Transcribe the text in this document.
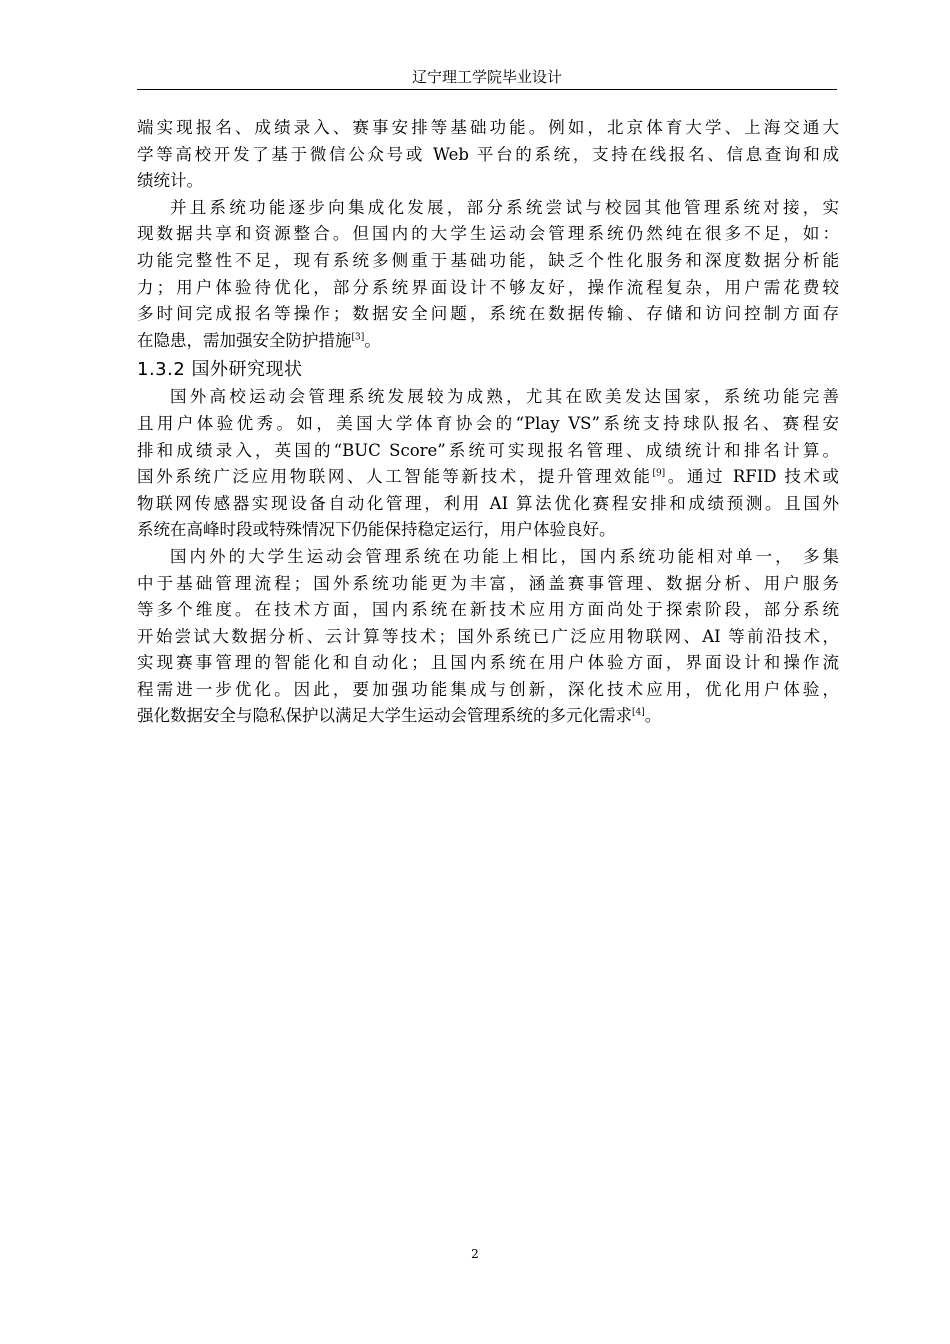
辽宁理工学院毕业设计

端实现报名、成绩录入、赛事安排等基础功能。例如，北京体育大学、上海交通大
学等高校开发了基于微信公众号或 Web 平台的系统，支持在线报名、信息查询和成
绩统计。

并且系统功能逐步向集成化发展，部分系统尝试与校园其他管理系统对接，实
现数据共享和资源整合。但国内的大学生运动会管理系统仍然纯在很多不足，如：
功能完整性不足，现有系统多侧重于基础功能，缺乏个性化服务和深度数据分析能
力；用户体验待优化，部分系统界面设计不够友好，操作流程复杂，用户需花费较
多时间完成报名等操作；数据安全问题，系统在数据传输、存储和访问控制方面存
在隐患，需加强安全防护措施[3]。

1.3.2 国外研究现状

国外高校运动会管理系统发展较为成熟，尤其在欧美发达国家，系统功能完善
且用户体验优秀。如，美国大学体育协会的“Play VS”系统支持球队报名、赛程安
排和成绩录入，英国的“BUC Score”系统可实现报名管理、成绩统计和排名计算。
国外系统广泛应用物联网、人工智能等新技术，提升管理效能[9]。通过 RFID 技术或
物联网传感器实现设备自动化管理，利用 AI 算法优化赛程安排和成绩预测。且国外
系统在高峰时段或特殊情况下仍能保持稳定运行，用户体验良好。

国内外的大学生运动会管理系统在功能上相比，国内系统功能相对单一， 多集
中于基础管理流程；国外系统功能更为丰富，涵盖赛事管理、数据分析、用户服务
等多个维度。在技术方面，国内系统在新技术应用方面尚处于探索阶段，部分系统
开始尝试大数据分析、云计算等技术；国外系统已广泛应用物联网、AI 等前沿技术，
实现赛事管理的智能化和自动化；且国内系统在用户体验方面，界面设计和操作流
程需进一步优化。因此，要加强功能集成与创新，深化技术应用，优化用户体验，
强化数据安全与隐私保护以满足大学生运动会管理系统的多元化需求[4]。

2
